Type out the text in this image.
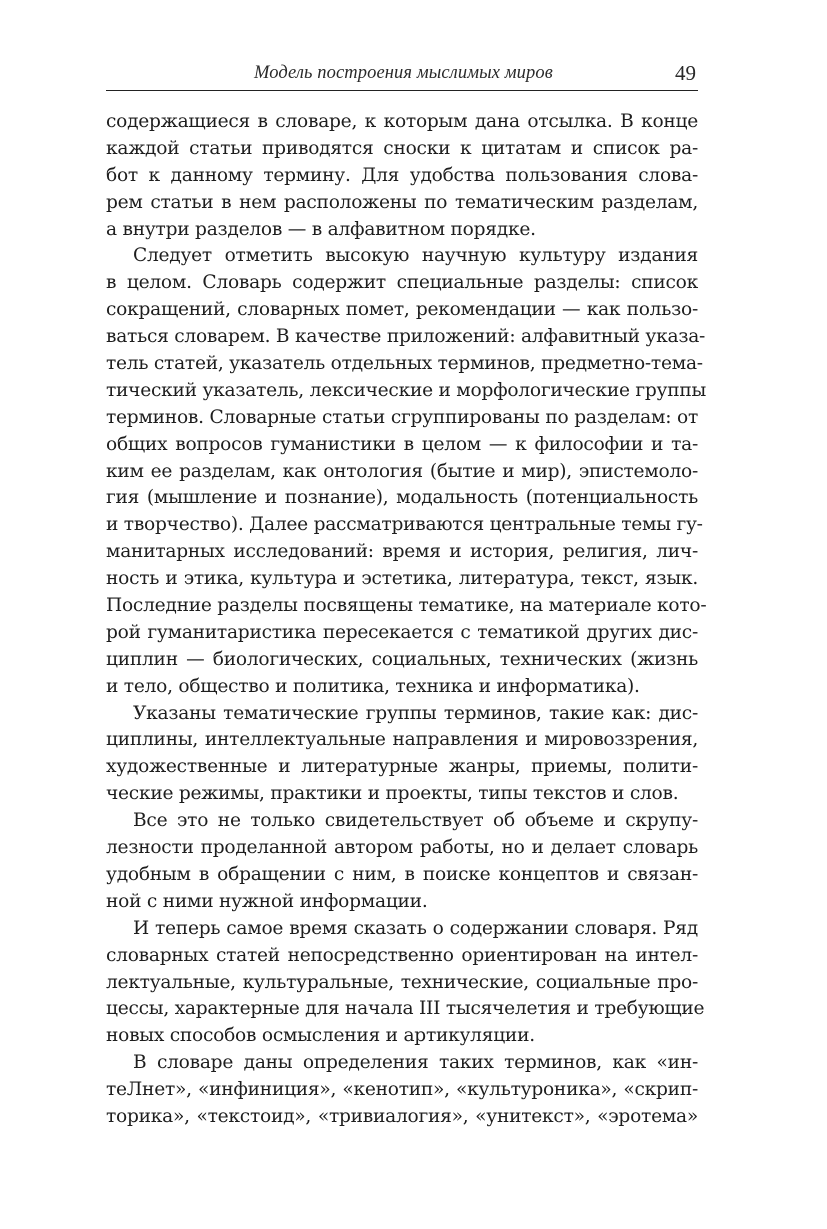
Модель построения мыслимых миров	49
содержащиеся в словаре, к которым дана отсылка. В конце
каждой статьи приводятся сноски к цитатам и список ра-
бот к данному термину. Для удобства пользования слова-
рем статьи в нем расположены по тематическим разделам,
а внутри разделов — в алфавитном порядке.
Следует отметить высокую научную культуру издания
в целом. Словарь содержит специальные разделы: список
сокращений, словарных помет, рекомендации — как пользо-
ваться словарем. В качестве приложений: алфавитный указа-
тель статей, указатель отдельных терминов, предметно-тема-
тический указатель, лексические и морфологические группы
терминов. Словарные статьи сгруппированы по разделам: от
общих вопросов гуманистики в целом — к философии и та-
ким ее разделам, как онтология (бытие и мир), эпистемоло-
гия (мышление и познание), модальность (потенциальность
и творчество). Далее рассматриваются центральные темы гу-
манитарных исследований: время и история, религия, лич-
ность и этика, культура и эстетика, литература, текст, язык.
Последние разделы посвящены тематике, на материале кото-
рой гуманитаристика пересекается с тематикой других дис-
циплин — биологических, социальных, технических (жизнь
и тело, общество и политика, техника и информатика).
Указаны тематические группы терминов, такие как: дис-
циплины, интеллектуальные направления и мировоззрения,
художественные и литературные жанры, приемы, полити-
ческие режимы, практики и проекты, типы текстов и слов.
Все это не только свидетельствует об объеме и скрупу-
лезности проделанной автором работы, но и делает словарь
удобным в обращении с ним, в поиске концептов и связан-
ной с ними нужной информации.
И теперь самое время сказать о содержании словаря. Ряд
словарных статей непосредственно ориентирован на интел-
лектуальные, культуральные, технические, социальные про-
цессы, характерные для начала III тысячелетия и требующие
новых способов осмысления и артикуляции.
В словаре даны определения таких терминов, как «ин-
теЛнет», «инфиниция», «кенотип», «культуроника», «скрип-
торика», «текстоид», «тривиалогия», «унитекст», «эротема»
